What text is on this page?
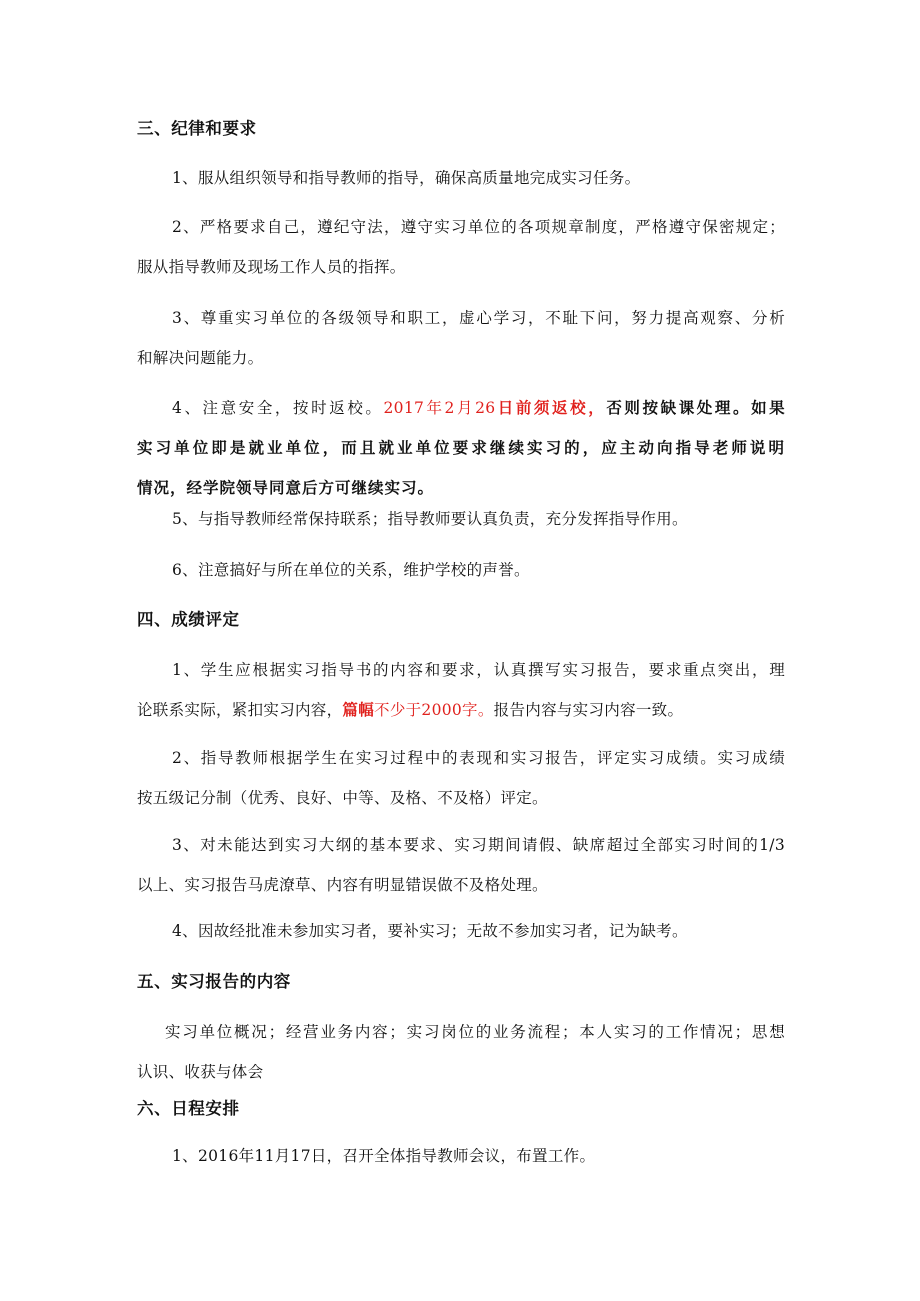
三、纪律和要求
1、服从组织领导和指导教师的指导，确保高质量地完成实习任务。
2、严格要求自己，遵纪守法，遵守实习单位的各项规章制度，严格遵守保密规定；
服从指导教师及现场工作人员的指挥。
3、尊重实习单位的各级领导和职工，虚心学习，不耻下问，努力提高观察、分析
和解决问题能力。
4、注意安全，按时返校。2017年2月26日前须返校，否则按缺课处理。如果
实习单位即是就业单位，而且就业单位要求继续实习的，应主动向指导老师说明
情况，经学院领导同意后方可继续实习。
5、与指导教师经常保持联系；指导教师要认真负责，充分发挥指导作用。
6、注意搞好与所在单位的关系，维护学校的声誉。
四、成绩评定
1、学生应根据实习指导书的内容和要求，认真撰写实习报告，要求重点突出，理
论联系实际，紧扣实习内容，篇幅不少于2000字。报告内容与实习内容一致。
2、指导教师根据学生在实习过程中的表现和实习报告，评定实习成绩。实习成绩
按五级记分制（优秀、良好、中等、及格、不及格）评定。
3、对未能达到实习大纲的基本要求、实习期间请假、缺席超过全部实习时间的1/3
以上、实习报告马虎潦草、内容有明显错误做不及格处理。
4、因故经批准未参加实习者，要补实习；无故不参加实习者，记为缺考。
五、实习报告的内容
实习单位概况；经营业务内容；实习岗位的业务流程；本人实习的工作情况；思想
认识、收获与体会
六、日程安排
1、2016年11月17日，召开全体指导教师会议，布置工作。
